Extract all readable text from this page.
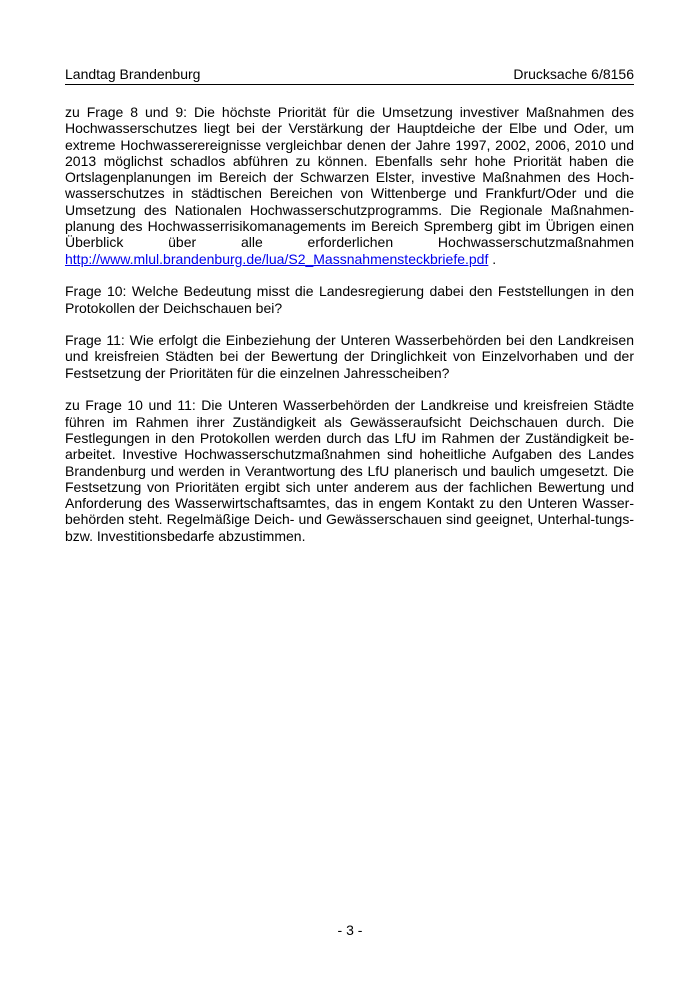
Landtag Brandenburg	Drucksache 6/8156

zu Frage 8 und 9: Die höchste Priorität für die Umsetzung investiver Maßnahmen des Hochwasserschutzes liegt bei der Verstärkung der Hauptdeiche der Elbe und Oder, um extreme Hochwasserereignisse vergleichbar denen der Jahre 1997, 2002, 2006, 2010 und 2013 möglichst schadlos abführen zu können. Ebenfalls sehr hohe Priorität haben die Ortslagenplanungen im Bereich der Schwarzen Elster, investive Maßnahmen des Hoch-wasserschutzes in städtischen Bereichen von Wittenberge und Frankfurt/Oder und die Umsetzung des Nationalen Hochwasserschutzprogramms. Die Regionale Maßnahmen-planung des Hochwasserrisikomanagements im Bereich Spremberg gibt im Übrigen einen Überblick über alle erforderlichen Hochwasserschutzmaßnahmen
http://www.mlul.brandenburg.de/lua/S2_Massnahmensteckbriefe.pdf .

Frage 10: Welche Bedeutung misst die Landesregierung dabei den Feststellungen in den Protokollen der Deichschauen bei?

Frage 11: Wie erfolgt die Einbeziehung der Unteren Wasserbehörden bei den Landkreisen und kreisfreien Städten bei der Bewertung der Dringlichkeit von Einzelvorhaben und der Festsetzung der Prioritäten für die einzelnen Jahresscheiben?

zu Frage 10 und 11: Die Unteren Wasserbehörden der Landkreise und kreisfreien Städte führen im Rahmen ihrer Zuständigkeit als Gewässeraufsicht Deichschauen durch. Die Festlegungen in den Protokollen werden durch das LfU im Rahmen der Zuständigkeit be-arbeitet. Investive Hochwasserschutzmaßnahmen sind hoheitliche Aufgaben des Landes Brandenburg und werden in Verantwortung des LfU planerisch und baulich umgesetzt. Die Festsetzung von Prioritäten ergibt sich unter anderem aus der fachlichen Bewertung und Anforderung des Wasserwirtschaftsamtes, das in engem Kontakt zu den Unteren Wasser-behörden steht. Regelmäßige Deich- und Gewässerschauen sind geeignet, Unterhal-tungs- bzw. Investitionsbedarfe abzustimmen.

- 3 -
